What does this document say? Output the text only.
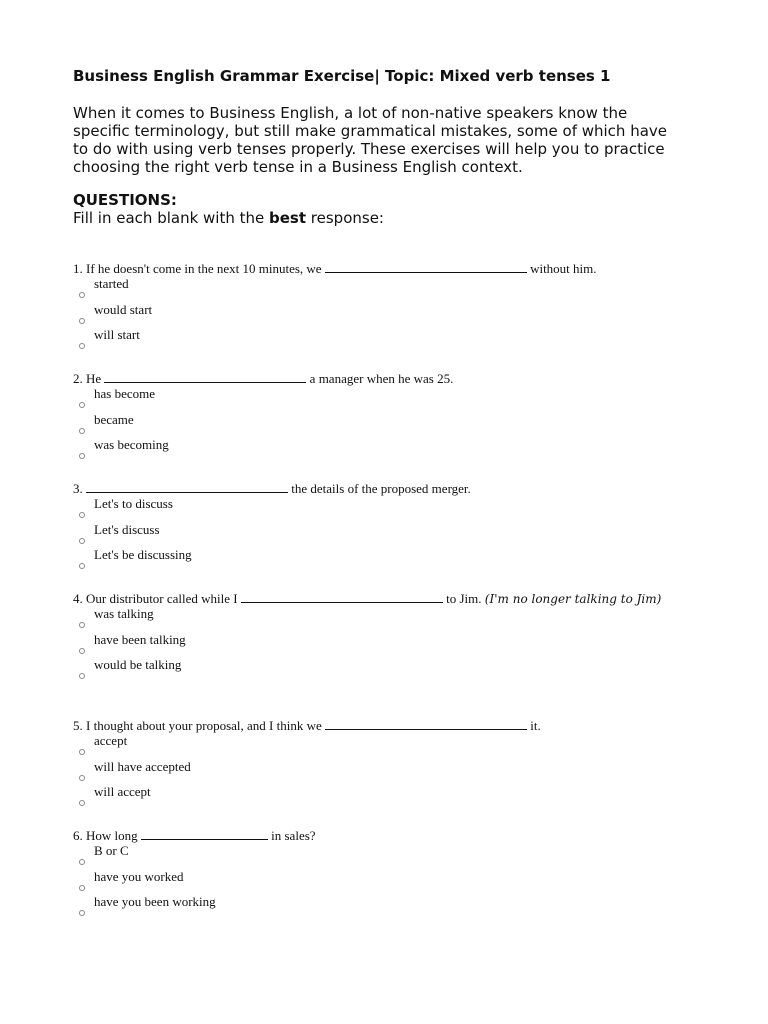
Business English Grammar Exercise| Topic: Mixed verb tenses 1
When it comes to Business English, a lot of non-native speakers know the
specific terminology, but still make grammatical mistakes, some of which have
to do with using verb tenses properly. These exercises will help you to practice
choosing the right verb tense in a Business English context.
QUESTIONS:
Fill in each blank with the best response:
1. If he doesn't come in the next 10 minutes, we	without him.
started
would start
will start
2. He	a manager when he was 25.
has become
became
was becoming
3.	the details of the proposed merger.
Let's to discuss
Let's discuss
Let's be discussing
4. Our distributor called while I	to Jim. (I'm no longer talking to Jim)
was talking
have been talking
would be talking
5. I thought about your proposal, and I think we	it.
accept
will have accepted
will accept
6. How long	in sales?
B or C
have you worked
have you been working
